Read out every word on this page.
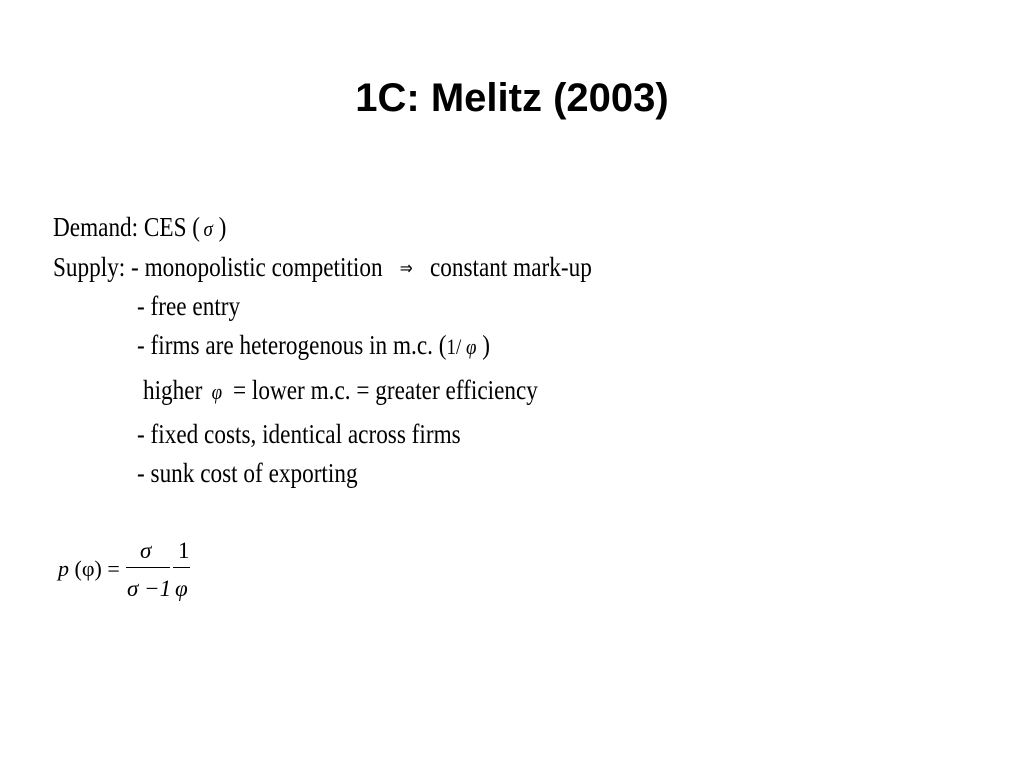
1C: Melitz (2003)
Demand: CES ( σ )
Supply: - monopolistic competition ⇒ constant mark-up
- free entry
- firms are heterogenous in m.c. (1/ φ )
higher φ = lower m.c. = greater efficiency
- fixed costs, identical across firms
- sunk cost of exporting
p (φ) =
σ
σ −1
1
φ
